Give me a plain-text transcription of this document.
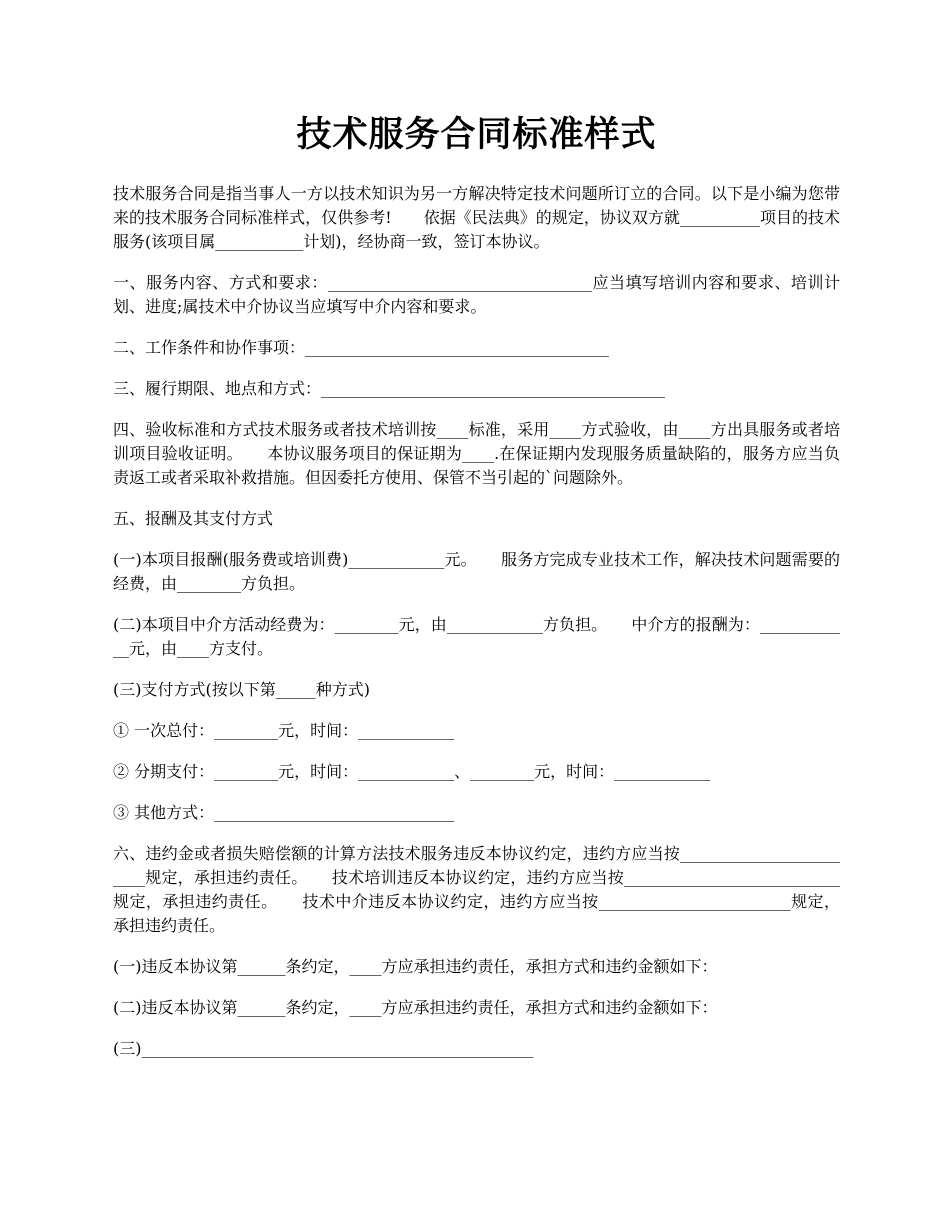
技术服务合同标准样式

技术服务合同是指当事人一方以技术知识为另一方解决特定技术问题所订立的合同。以下是小编为您带来的技术服务合同标准样式，仅供参考!　　依据《民法典》的规定，协议双方就__________项目的技术服务(该项目属___________计划)，经协商一致，签订本协议。

一、服务内容、方式和要求：_________________________________应当填写培训内容和要求、培训计划、进度;属技术中介协议当应填写中介内容和要求。

二、工作条件和协作事项：______________________________________

三、履行期限、地点和方式：___________________________________________

四、验收标准和方式技术服务或者技术培训按____标准，采用____方式验收，由____方出具服务或者培训项目验收证明。　　本协议服务项目的保证期为____.在保证期内发现服务质量缺陷的，服务方应当负责返工或者采取补救措施。但因委托方使用、保管不当引起的`问题除外。

五、报酬及其支付方式

(一)本项目报酬(服务费或培训费)____________元。　　服务方完成专业技术工作，解决技术问题需要的经费，由________方负担。

(二)本项目中介方活动经费为：________元，由____________方负担。　　中介方的报酬为：____________元，由____方支付。

(三)支付方式(按以下第_____种方式)

① 一次总付：________元，时间：____________

② 分期支付：________元，时间：____________、________元，时间：____________

③ 其他方式：______________________________

六、违约金或者损失赔偿额的计算方法技术服务违反本协议约定，违约方应当按________________________规定，承担违约责任。　　技术培训违反本协议约定，违约方应当按___________________________规定，承担违约责任。　　技术中介违反本协议约定，违约方应当按________________________规定，承担违约责任。

(一)违反本协议第______条约定，____方应承担违约责任，承担方式和违约金额如下：

(二)违反本协议第______条约定，____方应承担违约责任，承担方式和违约金额如下：

(三)_________________________________________________
